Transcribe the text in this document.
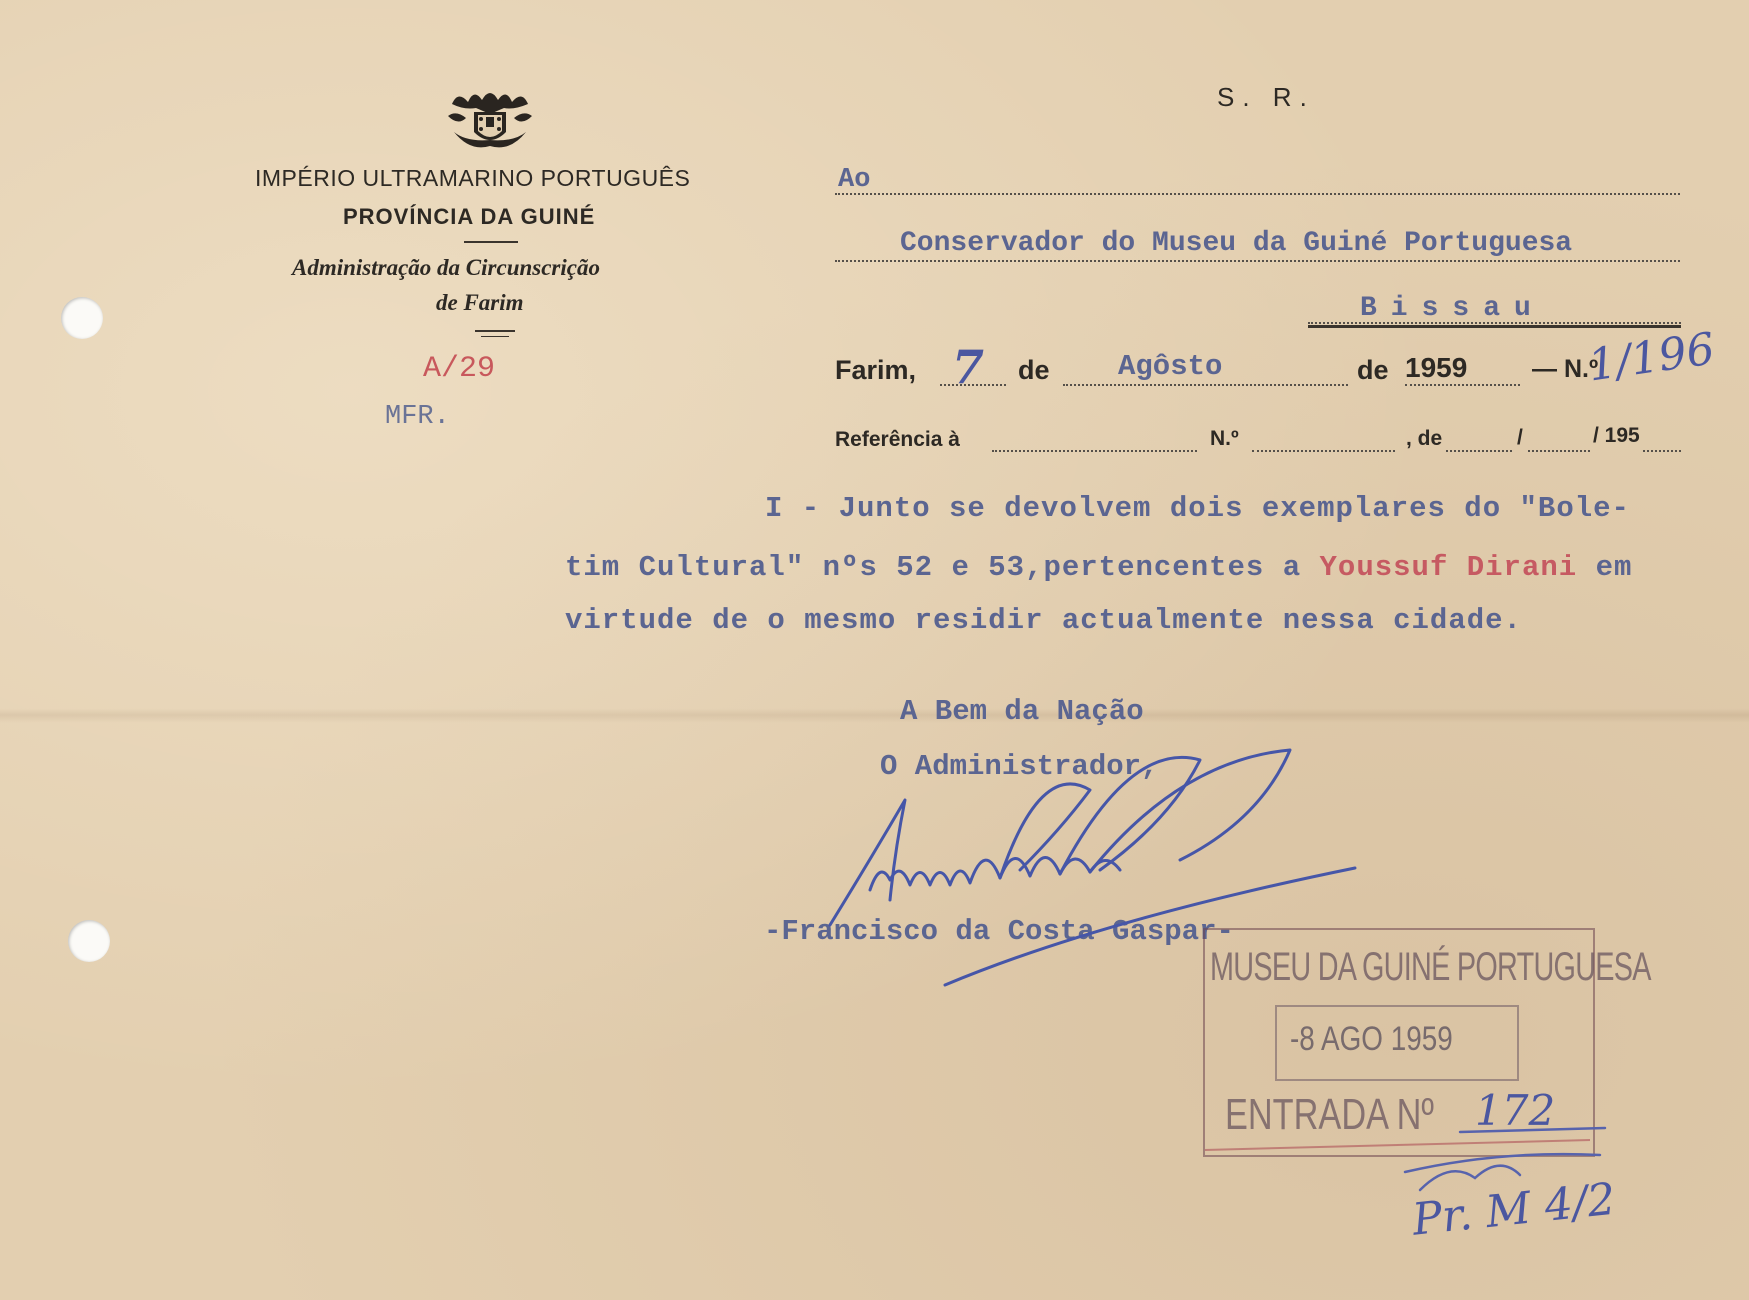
IMPÉRIO ULTRAMARINO PORTUGUÊS
PROVÍNCIA DA GUINÉ
Administração da Circunscrição
de Farim
A/29
MFR.
S. R.
Ao
Conservador do Museu da Guiné Portuguesa
Bissau
Farim, 7 de Agôsto	de 1959	— N.º
1/196
Referência à	N.º	, de	/	/ 195
I - Junto se devolvem dois exemplares do "Bole-
tim Cultural" nºs 52 e 53,pertencentes a Youssuf Dirani em
virtude de o mesmo residir actualmente nessa cidade.
A Bem da Nação
O Administrador,
-Francisco da Costa Gaspar-
MUSEU DA GUINÉ PORTUGUESA
-8 AGO 1959
ENTRADA Nº 172
Pr. M 4/2
